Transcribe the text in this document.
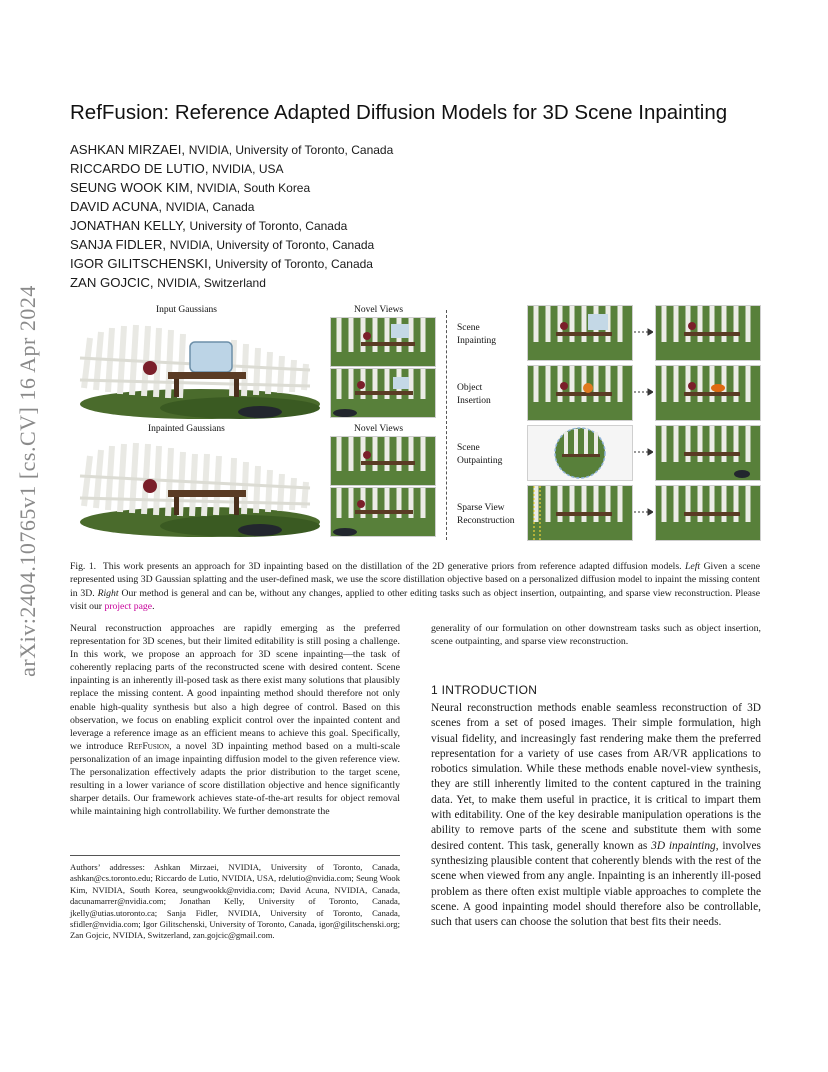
arXiv:2404.10765v1 [cs.CV] 16 Apr 2024
RefFusion: Reference Adapted Diffusion Models for 3D Scene Inpainting
ASHKAN MIRZAEI, NVIDIA, University of Toronto, Canada
RICCARDO DE LUTIO, NVIDIA, USA
SEUNG WOOK KIM, NVIDIA, South Korea
DAVID ACUNA, NVIDIA, Canada
JONATHAN KELLY, University of Toronto, Canada
SANJA FIDLER, NVIDIA, University of Toronto, Canada
IGOR GILITSCHENSKI, University of Toronto, Canada
ZAN GOJCIC, NVIDIA, Switzerland
Input Gaussians	Novel Views
Inpainted Gaussians	Novel Views
Scene
Inpainting
Object
Insertion
Scene
Outpainting
Sparse View
Reconstruction
Fig. 1. This work presents an approach for 3D inpainting based on the distillation of the 2D generative priors from reference adapted diffusion models. Left Given a scene represented using 3D Gaussian splatting and the user-defined mask, we use the score distillation objective based on a personalized diffusion model to inpaint the missing content in 3D. Right Our method is general and can be, without any changes, applied to other editing tasks such as object insertion, outpainting, and sparse view reconstruction. Please visit our project page.
Neural reconstruction approaches are rapidly emerging as the preferred representation for 3D scenes, but their limited editability is still posing a challenge. In this work, we propose an approach for 3D scene inpainting—the task of coherently replacing parts of the reconstructed scene with desired content. Scene inpainting is an inherently ill-posed task as there exist many solutions that plausibly replace the missing content. A good inpainting method should therefore not only enable high-quality synthesis but also a high degree of control. Based on this observation, we focus on enabling explicit control over the inpainted content and leverage a reference image as an efficient means to achieve this goal. Specifically, we introduce RefFusion, a novel 3D inpainting method based on a multi-scale personalization of an image inpainting diffusion model to the given reference view. The personalization effectively adapts the prior distribution to the target scene, resulting in a lower variance of score distillation objective and hence significantly sharper details. Our framework achieves state-of-the-art results for object removal while maintaining high controllability. We further demonstrate the
generality of our formulation on other downstream tasks such as object insertion, scene outpainting, and sparse view reconstruction.
1 INTRODUCTION
Neural reconstruction methods enable seamless reconstruction of 3D scenes from a set of posed images. Their simple formulation, high visual fidelity, and increasingly fast rendering make them the preferred representation for a variety of use cases from AR/VR applications to robotics simulation. While these methods enable novel-view synthesis, they are still inherently limited to the content captured in the training data. Yet, to make them useful in practice, it is critical to impart them with editability. One of the key desirable manipulation operations is the ability to remove parts of the scene and substitute them with some desired content. This task, generally known as 3D inpainting, involves synthesizing plausible content that coherently blends with the rest of the scene when viewed from any angle. Inpainting is an inherently ill-posed problem as there often exist multiple viable approaches to complete the scene. A good inpainting model should therefore also be controllable, such that users can choose the solution that best fits their needs.
Authors’ addresses: Ashkan Mirzaei, NVIDIA, University of Toronto, Canada, ashkan@cs.toronto.edu; Riccardo de Lutio, NVIDIA, USA, rdelutio@nvidia.com; Seung Wook Kim, NVIDIA, South Korea, seungwookk@nvidia.com; David Acuna, NVIDIA, Canada, dacunamarrer@nvidia.com; Jonathan Kelly, University of Toronto, Canada, jkelly@utias.utoronto.ca; Sanja Fidler, NVIDIA, University of Toronto, Canada, sfidler@nvidia.com; Igor Gilitschenski, University of Toronto, Canada, igor@gilitschenski.org; Zan Gojcic, NVIDIA, Switzerland, zan.gojcic@gmail.com.
